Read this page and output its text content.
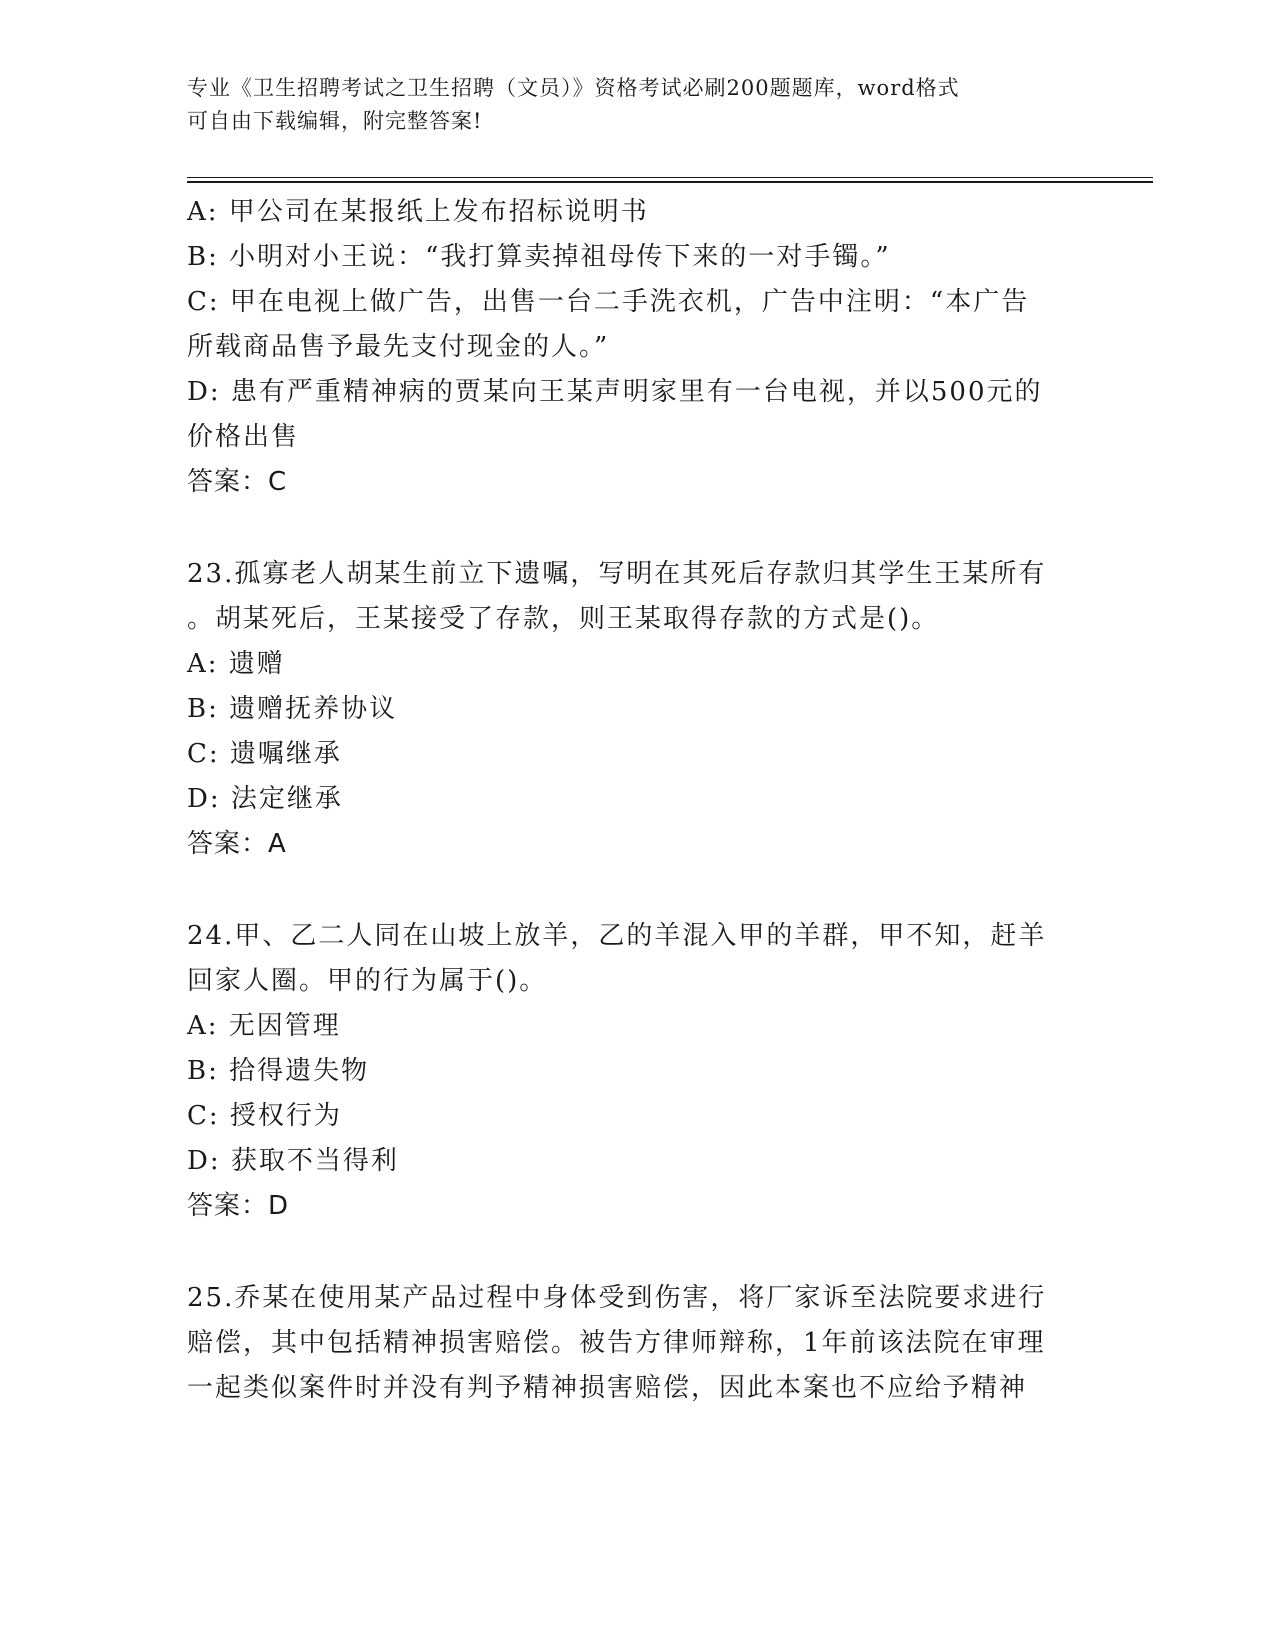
专业《卫生招聘考试之卫生招聘（文员）》资格考试必刷200题题库，word格式
可自由下载编辑，附完整答案!
A: 甲公司在某报纸上发布招标说明书
B: 小明对小王说：“我打算卖掉祖母传下来的一对手镯。”
C: 甲在电视上做广告，出售一台二手洗衣机，广告中注明：“本广告
所载商品售予最先支付现金的人。”
D: 患有严重精神病的贾某向王某声明家里有一台电视，并以500元的
价格出售
答案：C
23.孤寡老人胡某生前立下遗嘱，写明在其死后存款归其学生王某所有
。胡某死后，王某接受了存款，则王某取得存款的方式是()。
A: 遗赠
B: 遗赠抚养协议
C: 遗嘱继承
D: 法定继承
答案：A
24.甲、乙二人同在山坡上放羊，乙的羊混入甲的羊群，甲不知，赶羊
回家人圈。甲的行为属于()。
A: 无因管理
B: 拾得遗失物
C: 授权行为
D: 获取不当得利
答案：D
25.乔某在使用某产品过程中身体受到伤害，将厂家诉至法院要求进行
赔偿，其中包括精神损害赔偿。被告方律师辩称，1年前该法院在审理
一起类似案件时并没有判予精神损害赔偿，因此本案也不应给予精神
